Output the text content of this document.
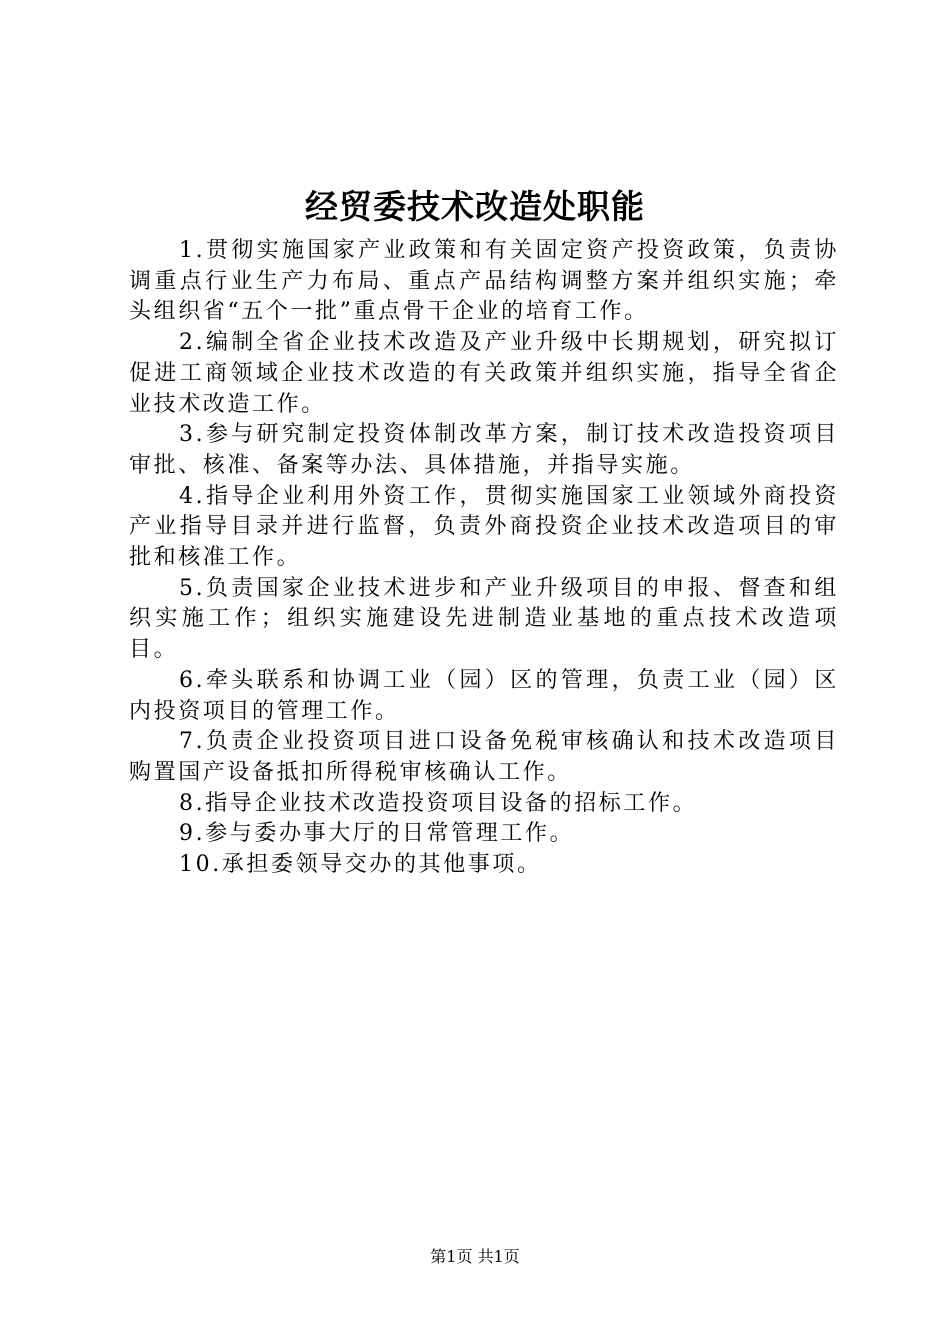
经贸委技术改造处职能

1.贯彻实施国家产业政策和有关固定资产投资政策，负责协调重点行业生产力布局、重点产品结构调整方案并组织实施；牵头组织省“五个一批”重点骨干企业的培育工作。

2.编制全省企业技术改造及产业升级中长期规划，研究拟订促进工商领域企业技术改造的有关政策并组织实施，指导全省企业技术改造工作。

3.参与研究制定投资体制改革方案，制订技术改造投资项目审批、核准、备案等办法、具体措施，并指导实施。

4.指导企业利用外资工作，贯彻实施国家工业领域外商投资产业指导目录并进行监督，负责外商投资企业技术改造项目的审批和核准工作。

5.负责国家企业技术进步和产业升级项目的申报、督查和组织实施工作；组织实施建设先进制造业基地的重点技术改造项目。

6.牵头联系和协调工业（园）区的管理，负责工业（园）区内投资项目的管理工作。

7.负责企业投资项目进口设备免税审核确认和技术改造项目购置国产设备抵扣所得税审核确认工作。

8.指导企业技术改造投资项目设备的招标工作。

9.参与委办事大厅的日常管理工作。

10.承担委领导交办的其他事项。

第1页 共1页
